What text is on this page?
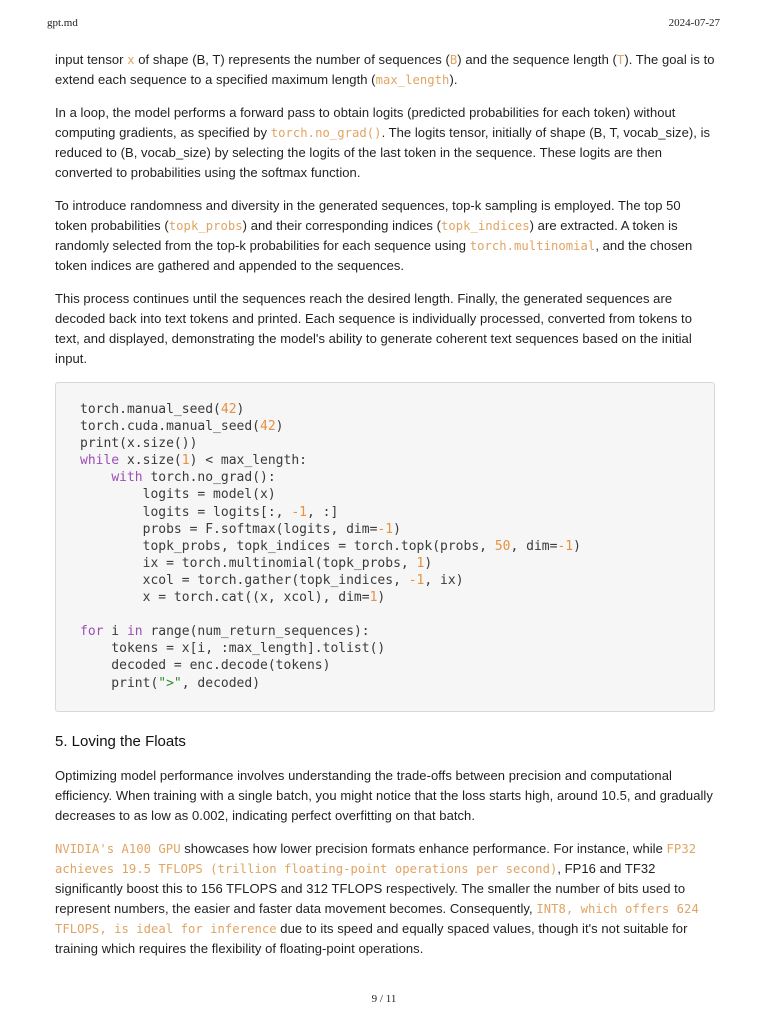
gpt.md	2024-07-27

input tensor x of shape (B, T) represents the number of sequences (B) and the sequence length (T). The goal is to extend each sequence to a specified maximum length (max_length).

In a loop, the model performs a forward pass to obtain logits (predicted probabilities for each token) without computing gradients, as specified by torch.no_grad(). The logits tensor, initially of shape (B, T, vocab_size), is reduced to (B, vocab_size) by selecting the logits of the last token in the sequence. These logits are then converted to probabilities using the softmax function.

To introduce randomness and diversity in the generated sequences, top-k sampling is employed. The top 50 token probabilities (topk_probs) and their corresponding indices (topk_indices) are extracted. A token is randomly selected from the top-k probabilities for each sequence using torch.multinomial, and the chosen token indices are gathered and appended to the sequences.

This process continues until the sequences reach the desired length. Finally, the generated sequences are decoded back into text tokens and printed. Each sequence is individually processed, converted from tokens to text, and displayed, demonstrating the model's ability to generate coherent text sequences based on the initial input.

torch.manual_seed(42)
torch.cuda.manual_seed(42)
print(x.size())
while x.size(1) < max_length:
with torch.no_grad():
logits = model(x)
logits = logits[:, -1, :]
probs = F.softmax(logits, dim=-1)
topk_probs, topk_indices = torch.topk(probs, 50, dim=-1)
ix = torch.multinomial(topk_probs, 1)
xcol = torch.gather(topk_indices, -1, ix)
x = torch.cat((x, xcol), dim=1)
for i in range(num_return_sequences):
tokens = x[i, :max_length].tolist()
decoded = enc.decode(tokens)
print(">", decoded)
5. Loving the Floats

Optimizing model performance involves understanding the trade-offs between precision and computational efficiency. When training with a single batch, you might notice that the loss starts high, around 10.5, and gradually decreases to as low as 0.002, indicating perfect overfitting on that batch.

NVIDIA's A100 GPU showcases how lower precision formats enhance performance. For instance, while FP32 achieves 19.5 TFLOPS (trillion floating-point operations per second), FP16 and TF32 significantly boost this to 156 TFLOPS and 312 TFLOPS respectively. The smaller the number of bits used to represent numbers, the easier and faster data movement becomes. Consequently, INT8, which offers 624 TFLOPS, is ideal for inference due to its speed and equally spaced values, though it's not suitable for training which requires the flexibility of floating-point operations.

9 / 11
